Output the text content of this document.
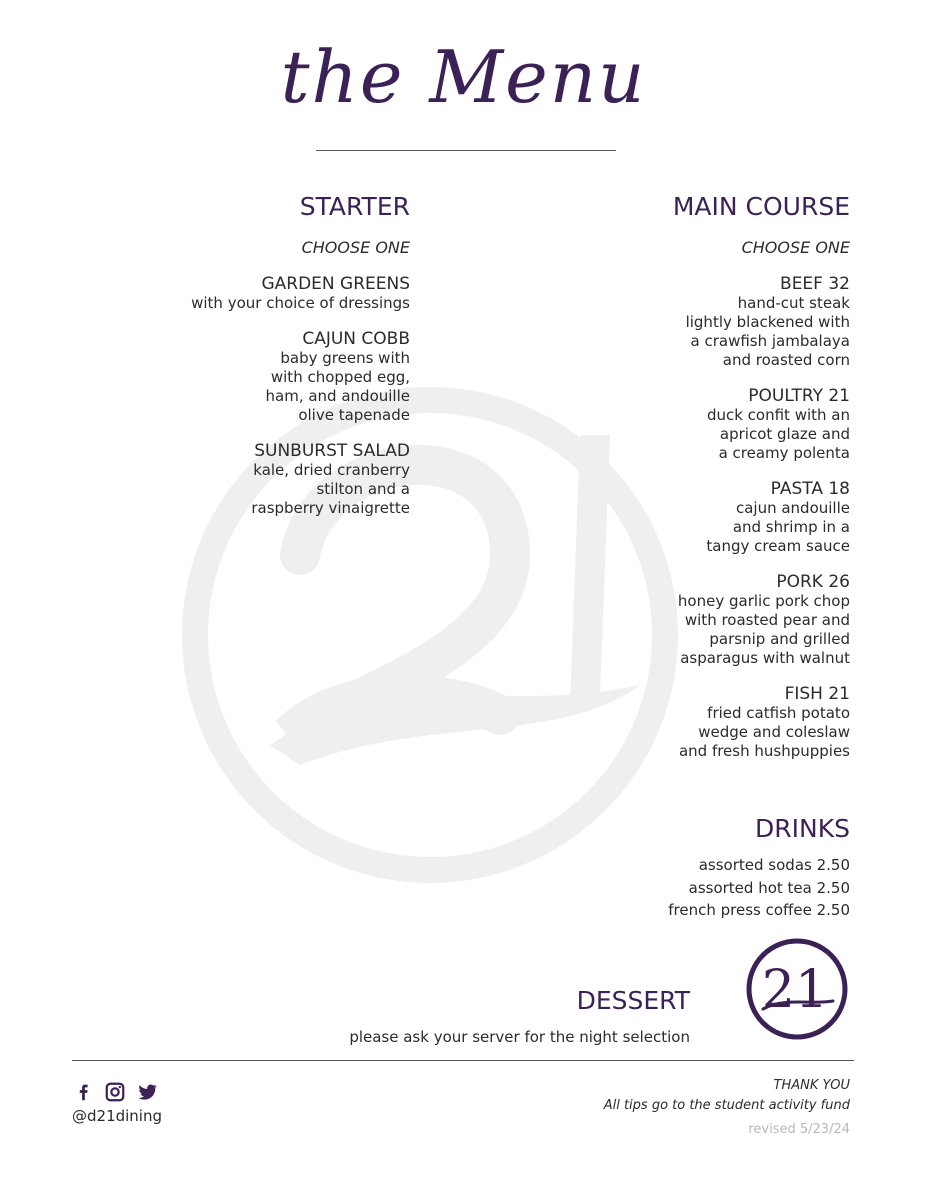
the Menu
STARTER
CHOOSE ONE
GARDEN GREENS
with your choice of dressings
CAJUN COBB
baby greens with
with chopped egg,
ham, and andouille
olive tapenade
SUNBURST SALAD
kale, dried cranberry
stilton and a
raspberry vinaigrette
MAIN COURSE
CHOOSE ONE
BEEF 32
hand-cut steak
lightly blackened with
a crawfish jambalaya
and roasted corn
POULTRY 21
duck confit with an
apricot glaze and
a creamy polenta
PASTA 18
cajun andouille
and shrimp in a
tangy cream sauce
PORK 26
honey garlic pork chop
with roasted pear and
parsnip and grilled
asparagus with walnut
FISH 21
fried catfish potato
wedge and coleslaw
and fresh hushpuppies
DRINKS
assorted sodas 2.50
assorted hot tea 2.50
french press coffee 2.50
DESSERT
please ask your server for the night selection
21
@d21dining
THANK YOU
All tips go to the student activity fund
revised 5/23/24
